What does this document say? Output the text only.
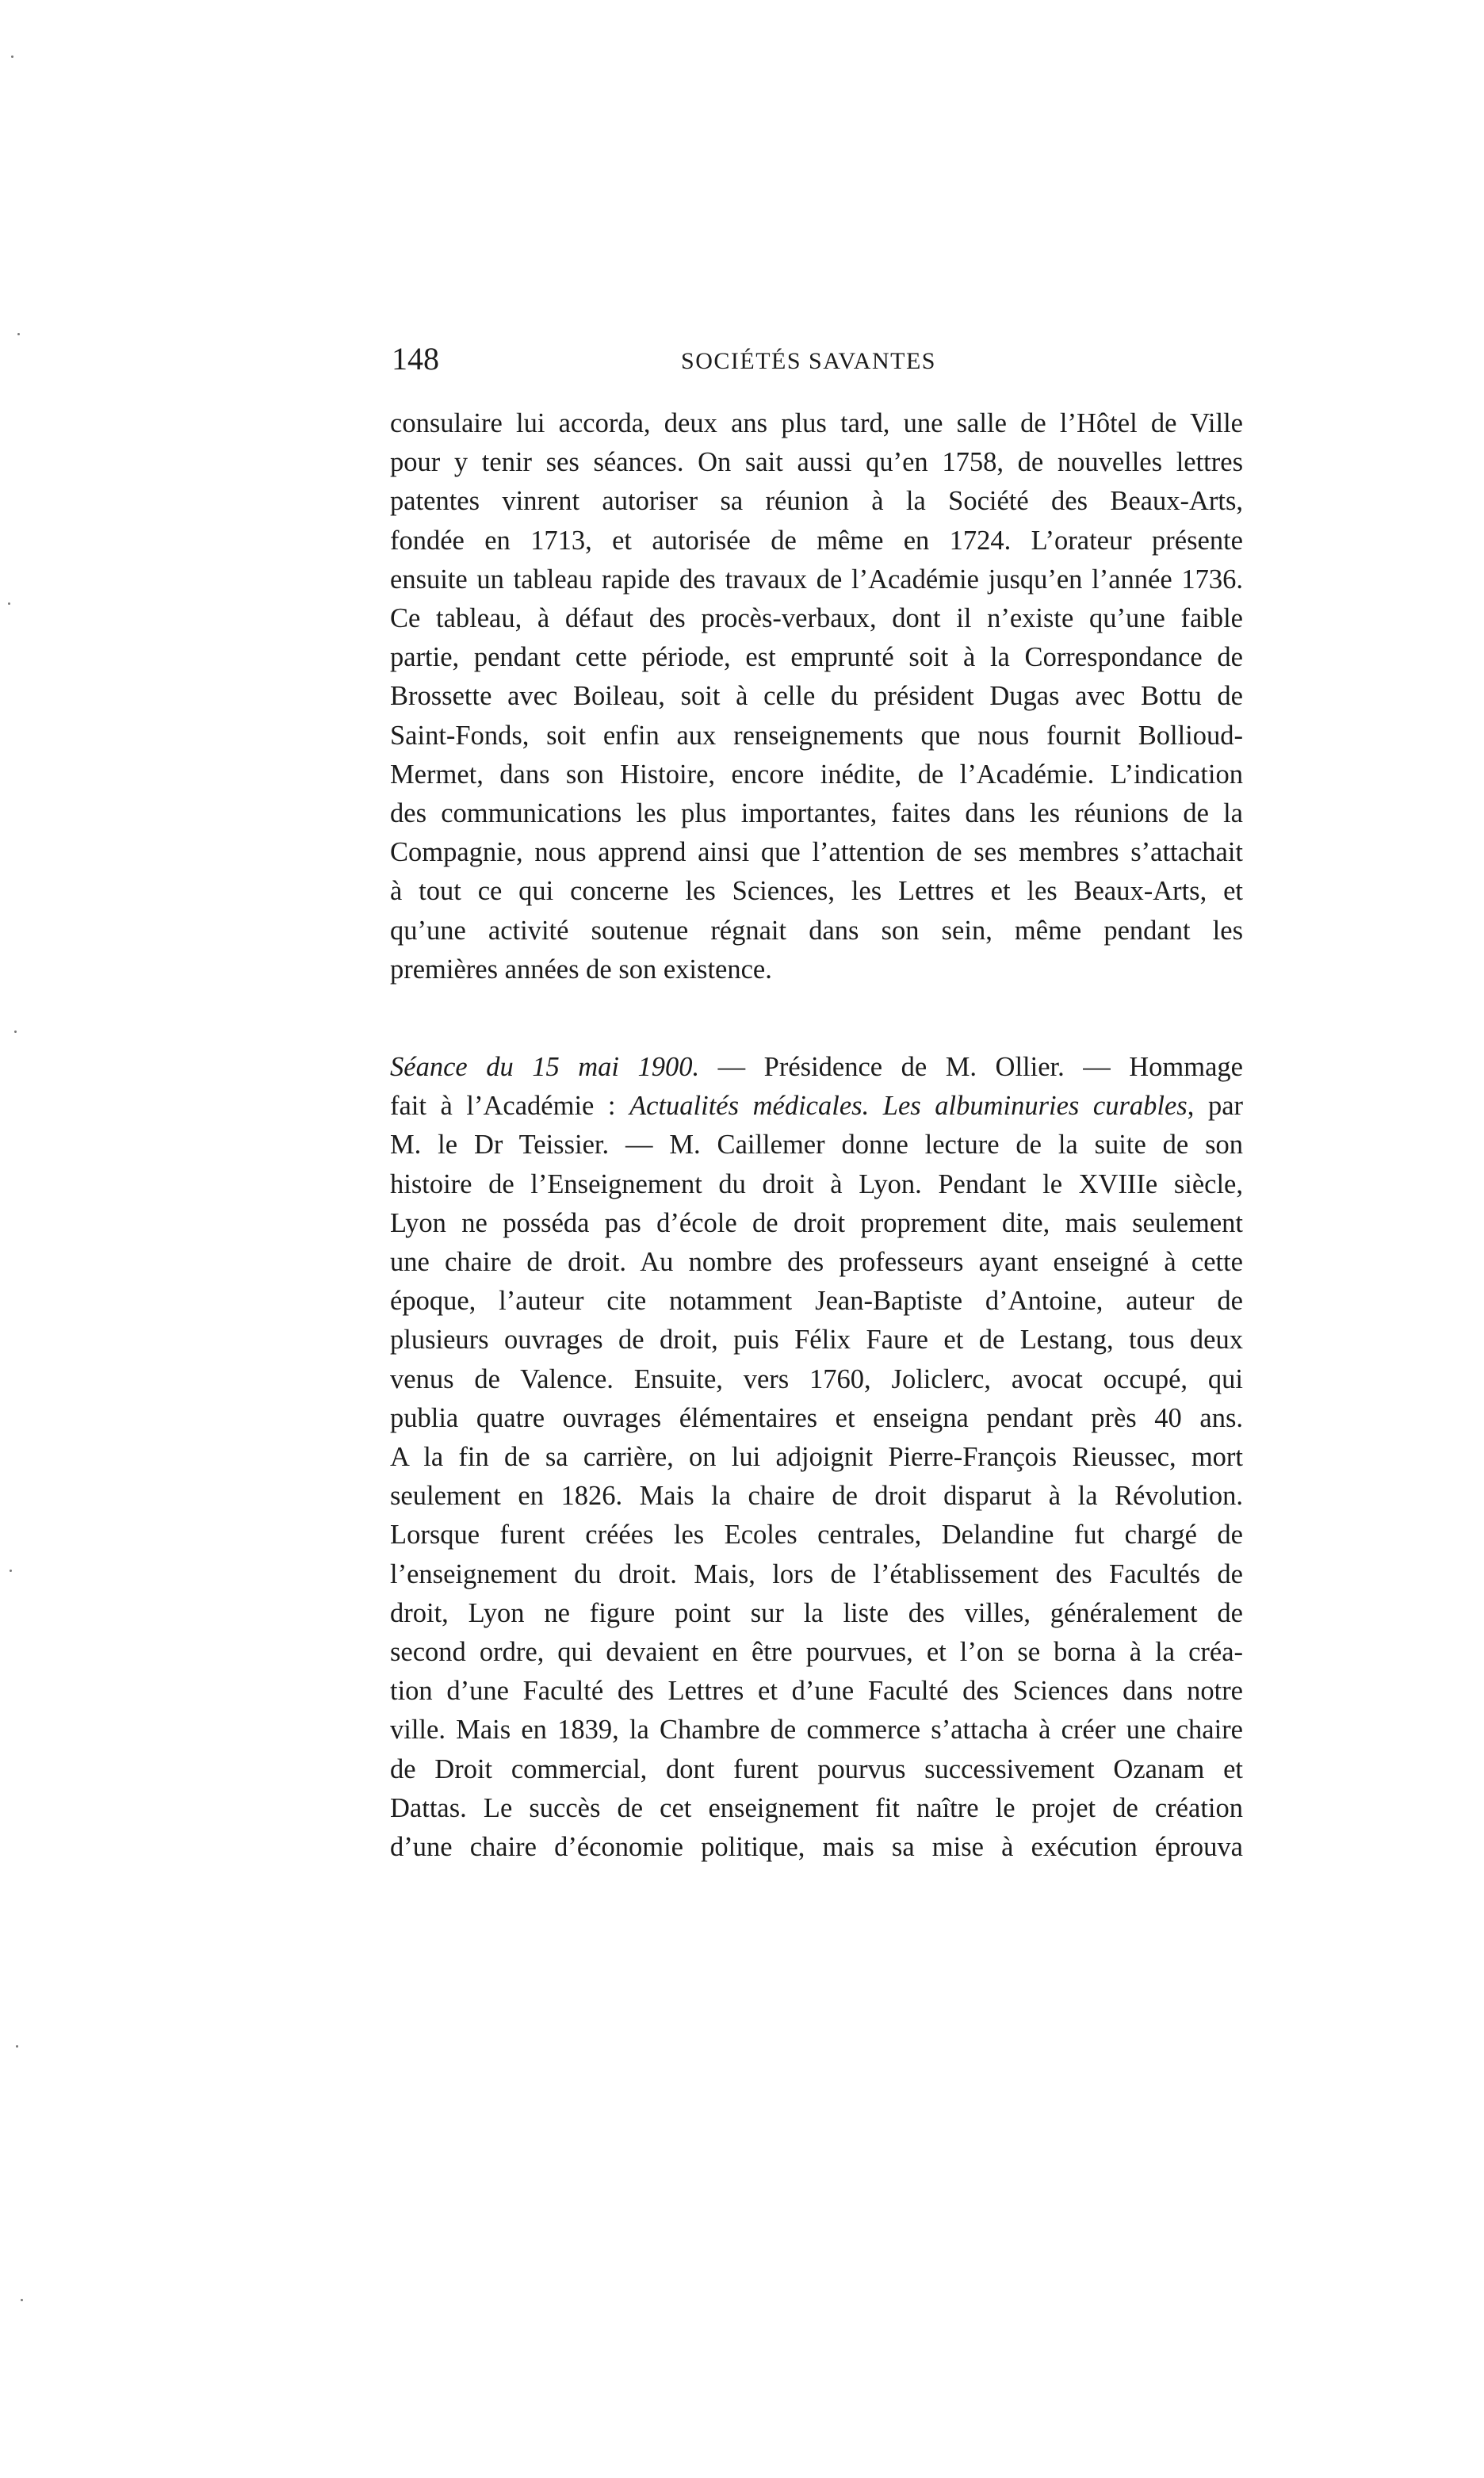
148	SOCIÉTÉS SAVANTES
consulaire lui accorda, deux ans plus tard, une salle de l’Hôtel de Ville
pour y tenir ses séances. On sait aussi qu’en 1758, de nouvelles lettres
patentes vinrent autoriser sa réunion à la Société des Beaux-Arts,
fondée en 1713, et autorisée de même en 1724. L’orateur présente
ensuite un tableau rapide des travaux de l’Académie jusqu’en l’année 1736.
Ce tableau, à défaut des procès-verbaux, dont il n’existe qu’une faible
partie, pendant cette période, est emprunté soit à la Correspondance de
Brossette avec Boileau, soit à celle du président Dugas avec Bottu de
Saint-Fonds, soit enfin aux renseignements que nous fournit Bollioud-
Mermet, dans son Histoire, encore inédite, de l’Académie. L’indication
des communications les plus importantes, faites dans les réunions de la
Compagnie, nous apprend ainsi que l’attention de ses membres s’attachait
à tout ce qui concerne les Sciences, les Lettres et les Beaux-Arts, et
qu’une activité soutenue régnait dans son sein, même pendant les
premières années de son existence.
Séance du 15 mai 1900. — Présidence de M. Ollier. — Hommage
fait à l’Académie : Actualités médicales. Les albuminuries curables, par
M. le Dr Teissier. — M. Caillemer donne lecture de la suite de son
histoire de l’Enseignement du droit à Lyon. Pendant le XVIIIe siècle,
Lyon ne posséda pas d’école de droit proprement dite, mais seulement
une chaire de droit. Au nombre des professeurs ayant enseigné à cette
époque, l’auteur cite notamment Jean-Baptiste d’Antoine, auteur de
plusieurs ouvrages de droit, puis Félix Faure et de Lestang, tous deux
venus de Valence. Ensuite, vers 1760, Joliclerc, avocat occupé, qui
publia quatre ouvrages élémentaires et enseigna pendant près 40 ans.
A la fin de sa carrière, on lui adjoignit Pierre-François Rieussec, mort
seulement en 1826. Mais la chaire de droit disparut à la Révolution.
Lorsque furent créées les Ecoles centrales, Delandine fut chargé de
l’enseignement du droit. Mais, lors de l’établissement des Facultés de
droit, Lyon ne figure point sur la liste des villes, généralement de
second ordre, qui devaient en être pourvues, et l’on se borna à la créa-
tion d’une Faculté des Lettres et d’une Faculté des Sciences dans notre
ville. Mais en 1839, la Chambre de commerce s’attacha à créer une chaire
de Droit commercial, dont furent pourvus successivement Ozanam et
Dattas. Le succès de cet enseignement fit naître le projet de création
d’une chaire d’économie politique, mais sa mise à exécution éprouva
